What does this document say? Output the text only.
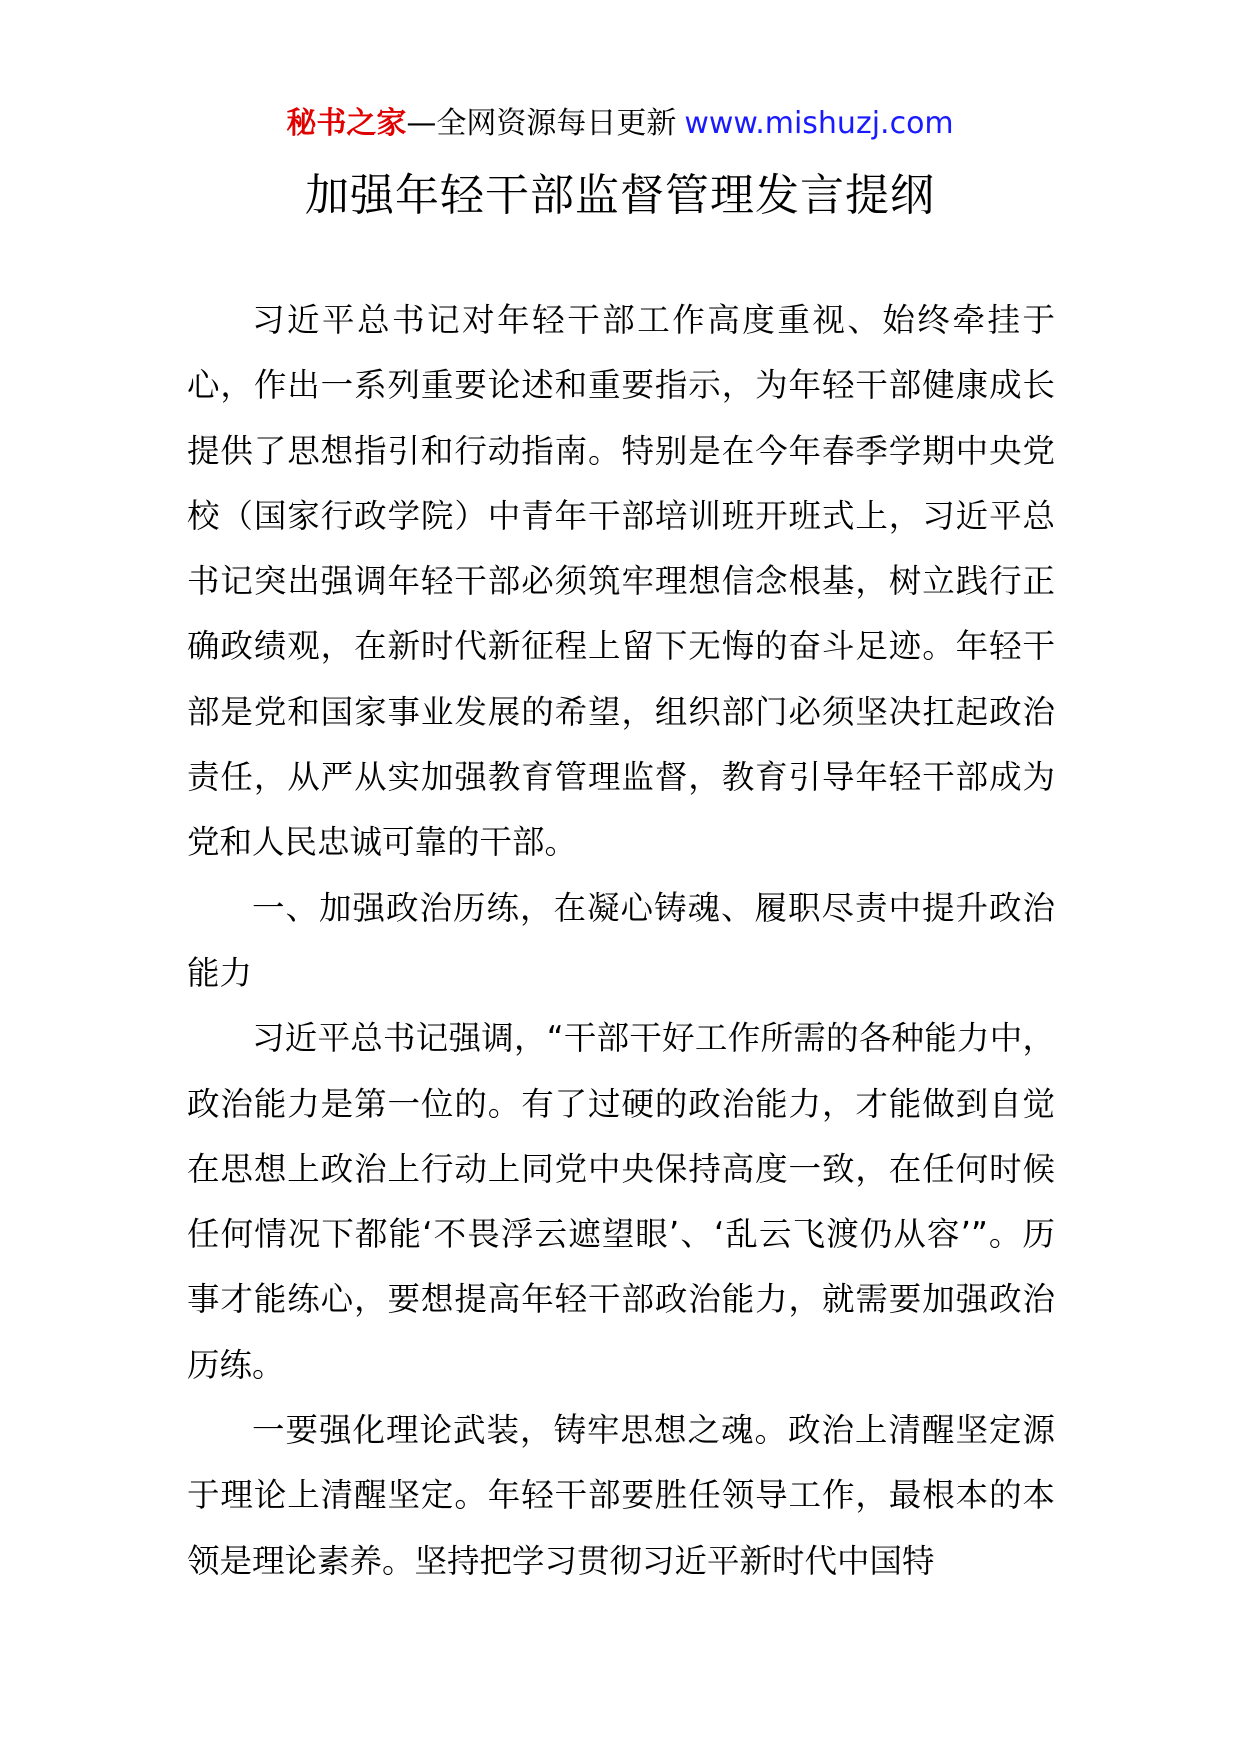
秘书之家—全网资源每日更新 www.mishuzj.com
加强年轻干部监督管理发言提纲

习近平总书记对年轻干部工作高度重视、始终牵挂于心，作出一系列重要论述和重要指示，为年轻干部健康成长提供了思想指引和行动指南。特别是在今年春季学期中央党校（国家行政学院）中青年干部培训班开班式上，习近平总书记突出强调年轻干部必须筑牢理想信念根基，树立践行正确政绩观，在新时代新征程上留下无悔的奋斗足迹。年轻干部是党和国家事业发展的希望，组织部门必须坚决扛起政治责任，从严从实加强教育管理监督，教育引导年轻干部成为党和人民忠诚可靠的干部。

一、加强政治历练，在凝心铸魂、履职尽责中提升政治能力

习近平总书记强调，“干部干好工作所需的各种能力中，政治能力是第一位的。有了过硬的政治能力，才能做到自觉在思想上政治上行动上同党中央保持高度一致，在任何时候任何情况下都能‘不畏浮云遮望眼’、‘乱云飞渡仍从容’”。历事才能练心，要想提高年轻干部政治能力，就需要加强政治历练。

一要强化理论武装，铸牢思想之魂。政治上清醒坚定源于理论上清醒坚定。年轻干部要胜任领导工作，最根本的本领是理论素养。坚持把学习贯彻习近平新时代中国特
